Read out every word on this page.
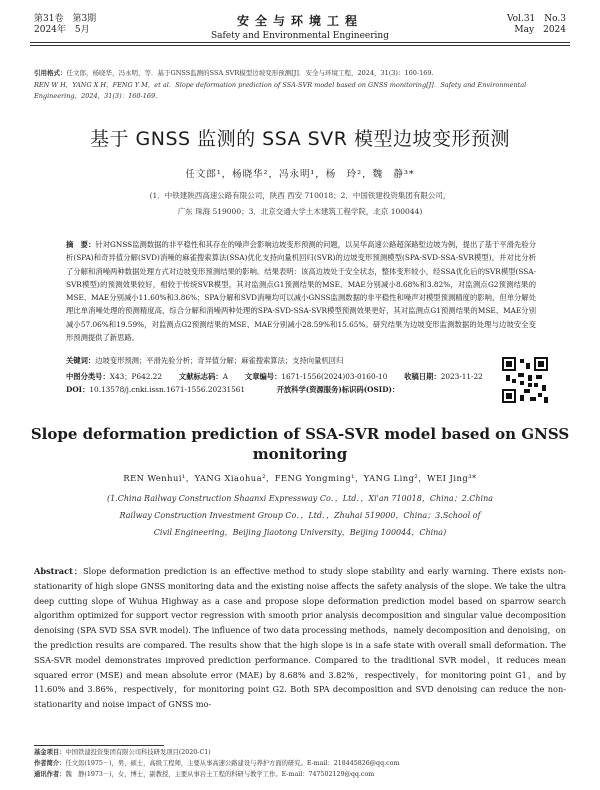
第31卷　第3期
2024年　5月
安全与环境工程
Safety and Environmental Engineering
Vol.31　No.3
May　2024
引用格式：任文郎，杨晓华，冯永明，等．基于GNSS监测的SSA SVR模型边坡变形预测[J]．安全与环境工程，2024，31(3)：160-169.
REN W H，YANG X H，FENG Y M，et al．Slope deformation prediction of SSA-SVR model based on GNSS monitoring[J]．Safety and Environmental Engineering，2024，31(3)：160-169.
基于 GNSS 监测的 SSA SVR 模型边坡变形预测
任文郎¹，杨晓华²，冯永明¹，杨　玲²，魏　静³*
(1．中铁建陕西高速公路有限公司，陕西 西安 710018；2．中国铁建投资集团有限公司，
广东 珠海 519000；3．北京交通大学土木建筑工程学院，北京 100044)
摘　要：针对GNSS监测数据的非平稳性和其存在的噪声会影响边坡变形预测的问题，以吴华高速公路超深路堑边坡为例，提出了基于平滑先验分析(SPA)和奇异值分解(SVD)消噪的麻雀搜索算法(SSA)优化支持向量机回归(SVR)的边坡变形预测模型(SPA-SVD-SSA-SVR模型)，并对比分析了分解和消噪两种数据处理方式对边坡变形预测结果的影响。结果表明：该高边坡处于安全状态，整体变形较小，经SSA优化后的SVR模型(SSA-SVR模型)的预测效果较好，相较于传统SVR模型，其对监测点G1预测结果的MSE、MAE分别减小8.68%和3.82%，对监测点G2预测结果的MSE、MAE分别减小11.60%和3.86%；SPA分解和SVD消噪均可以减小GNSS监测数据的非平稳性和噪声对模型预测精度的影响，但单分解处理比单消噪处理的预测精度高，综合分解和消噪两种处理的SPA-SVD-SSA-SVR模型预测效果更好，其对监测点G1预测结果的MSE、MAE分别减小57.06%和19.59%，对监测点G2预测结果的MSE、MAE分别减小28.59%和15.65%。研究结果为边坡变形监测数据的处理与边坡安全变形预测提供了新思路。
关键词：边坡变形预测；平滑先验分析；奇异值分解；麻雀搜索算法；支持向量机回归
中图分类号：X43；P642.22    文献标志码：A    文章编号：1671-1556(2024)03-0160-10    收稿日期：2023-11-22
DOI：10.13578/j.cnki.issn.1671-1556.20231561     	开放科学(资源服务)标识码(OSID)：
Slope deformation prediction of SSA-SVR model based on GNSS monitoring
REN Wenhui¹，YANG Xiaohua²，FENG Yongming¹，YANG Ling²，WEI Jing³*
(1.China Railway Construction Shaanxi Expressway Co．，Ltd．，Xi'an 710018，China；2.China
Railway Construction Investment Group Co．，Ltd．，Zhuhai 519000，China；3.School of
Civil Engineering，Beijing Jiaotong University，Beijing 100044，China)
Abstract：Slope deformation prediction is an effective method to study slope stability and early warning. There exists non-stationarity of high slope GNSS monitoring data and the existing noise affects the safety analysis of the slope. We take the ultra deep cutting slope of Wuhua Highway as a case and propose slope deformation prediction model based on sparrow search algorithm optimized for support vector regression with smooth prior analysis decomposition and singular value decomposition denoising (SPA SVD SSA SVR model). The influence of two data processing methods，namely decomposition and denoising，on the prediction results are compared. The results show that the high slope is in a safe state with overall small deformation. The SSA-SVR model demonstrates improved prediction performance. Compared to the traditional SVR model，it reduces mean squared error (MSE) and mean absolute error (MAE) by 8.68% and 3.82%，respectively，for monitoring point G1，and by 11.60% and 3.86%，respectively，for monitoring point G2. Both SPA decomposition and SVD denoising can reduce the non-stationarity and noise impact of GNSS mo-
基金项目：中国铁建投资集团有限公司科技研发项目(2020-C1)
作者简介：任文郎(1975－)，男，硕士，高级工程师，主要从事高速公路建设与养护方面的研究。E-mail：218445826@qq.com
通讯作者：魏　静(1973－)，女，博士，副教授，主要从事岩土工程的科研与教学工作。E-mail：747502129@qq.com
